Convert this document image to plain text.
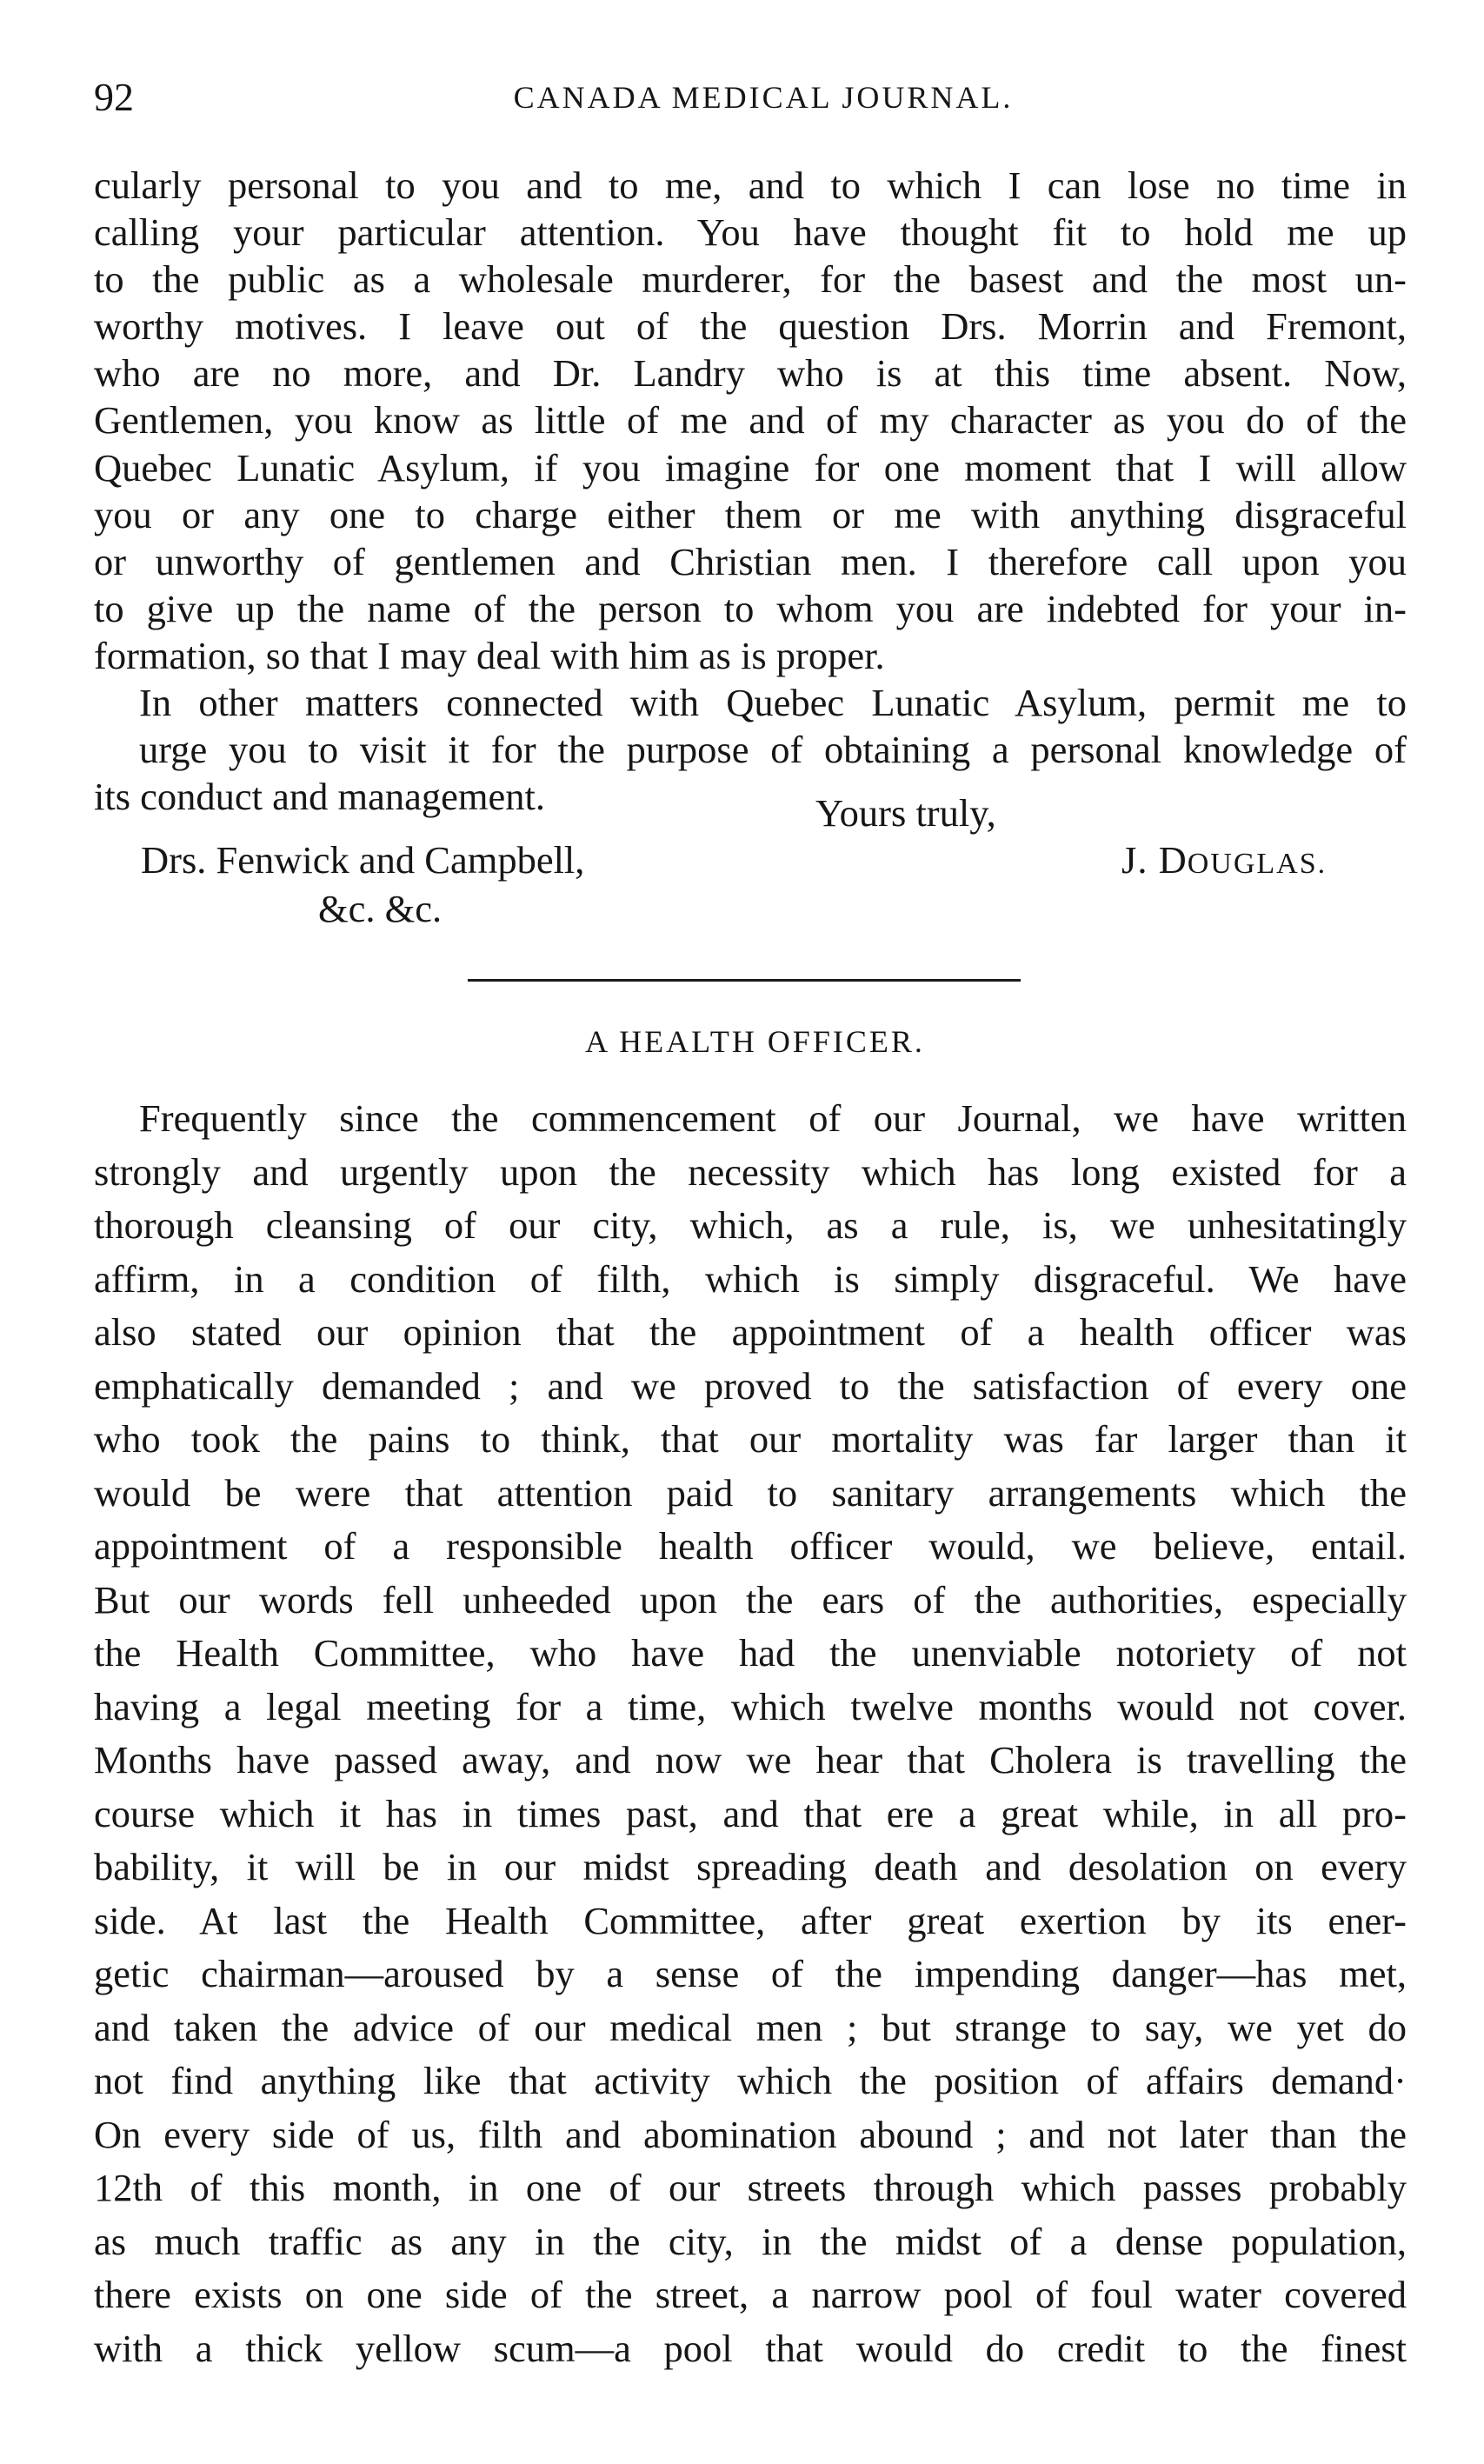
92	CANADA MEDICAL JOURNAL.

cularly personal to you and to me, and to which I can lose no time in
calling your particular attention. You have thought fit to hold me up
to the public as a wholesale murderer, for the basest and the most un-
worthy motives. I leave out of the question Drs. Morrin and Fremont,
who are no more, and Dr. Landry who is at this time absent. Now,
Gentlemen, you know as little of me and of my character as you do of the
Quebec Lunatic Asylum, if you imagine for one moment that I will allow
you or any one to charge either them or me with anything disgraceful
or unworthy of gentlemen and Christian men. I therefore call upon you
to give up the name of the person to whom you are indebted for your in-
formation, so that I may deal with him as is proper.

In other matters connected with Quebec Lunatic Asylum, permit me to
urge you to visit it for the purpose of obtaining a personal knowledge of
its conduct and management.	Yours truly,
Drs. Fenwick and Campbell,
&c. &c.
J. DOUGLAS.
A HEALTH OFFICER.

Frequently since the commencement of our Journal, we have written
strongly and urgently upon the necessity which has long existed for a
thorough cleansing of our city, which, as a rule, is, we unhesitatingly
affirm, in a condition of filth, which is simply disgraceful. We have
also stated our opinion that the appointment of a health officer was
emphatically demanded ; and we proved to the satisfaction of every one
who took the pains to think, that our mortality was far larger than it
would be were that attention paid to sanitary arrangements which the
appointment of a responsible health officer would, we believe, entail.
But our words fell unheeded upon the ears of the authorities, especially
the Health Committee, who have had the unenviable notoriety of not
having a legal meeting for a time, which twelve months would not cover.
Months have passed away, and now we hear that Cholera is travelling the
course which it has in times past, and that ere a great while, in all pro-
bability, it will be in our midst spreading death and desolation on every
side. At last the Health Committee, after great exertion by its ener-
getic chairman—aroused by a sense of the impending danger—has met,
and taken the advice of our medical men ; but strange to say, we yet do
not find anything like that activity which the position of affairs demand·
On every side of us, filth and abomination abound ; and not later than the
12th of this month, in one of our streets through which passes probably
as much traffic as any in the city, in the midst of a dense population,
there exists on one side of the street, a narrow pool of foul water covered
with a thick yellow scum—a pool that would do credit to the finest
